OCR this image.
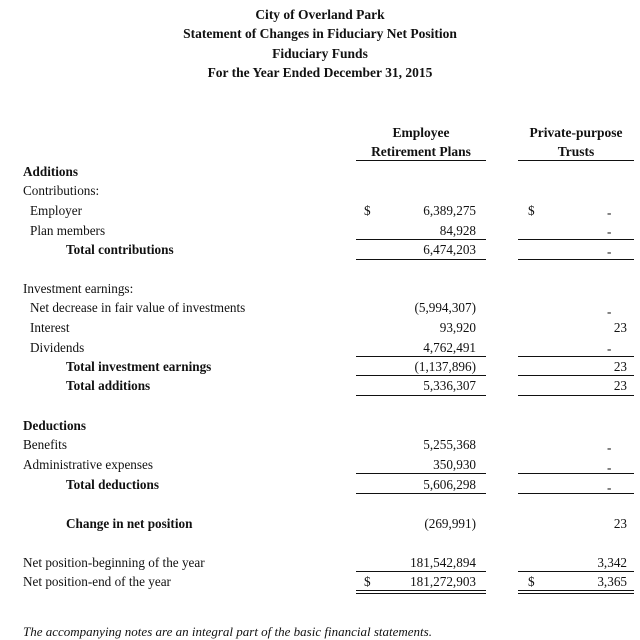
City of Overland Park
Statement of Changes in Fiduciary Net Position
Fiduciary Funds
For the Year Ended December 31, 2015
Employee
Retirement Plans
Private-purpose
Trusts
Additions
Contributions:
Employer	$	6,389,275	$	-
Plan members	84,928	-
Total contributions	6,474,203	-
Investment earnings:
Net decrease in fair value of investments	(5,994,307)	-
Interest	93,920	23
Dividends	4,762,491	-
Total investment earnings	(1,137,896)	23
Total additions	5,336,307	23
Deductions
Benefits	5,255,368	-
Administrative expenses	350,930	-
Total deductions	5,606,298	-
Change in net position	(269,991)	23
Net position-beginning of the year	181,542,894	3,342
Net position-end of the year	$	181,272,903	$	3,365
The accompanying notes are an integral part of the basic financial statements.
